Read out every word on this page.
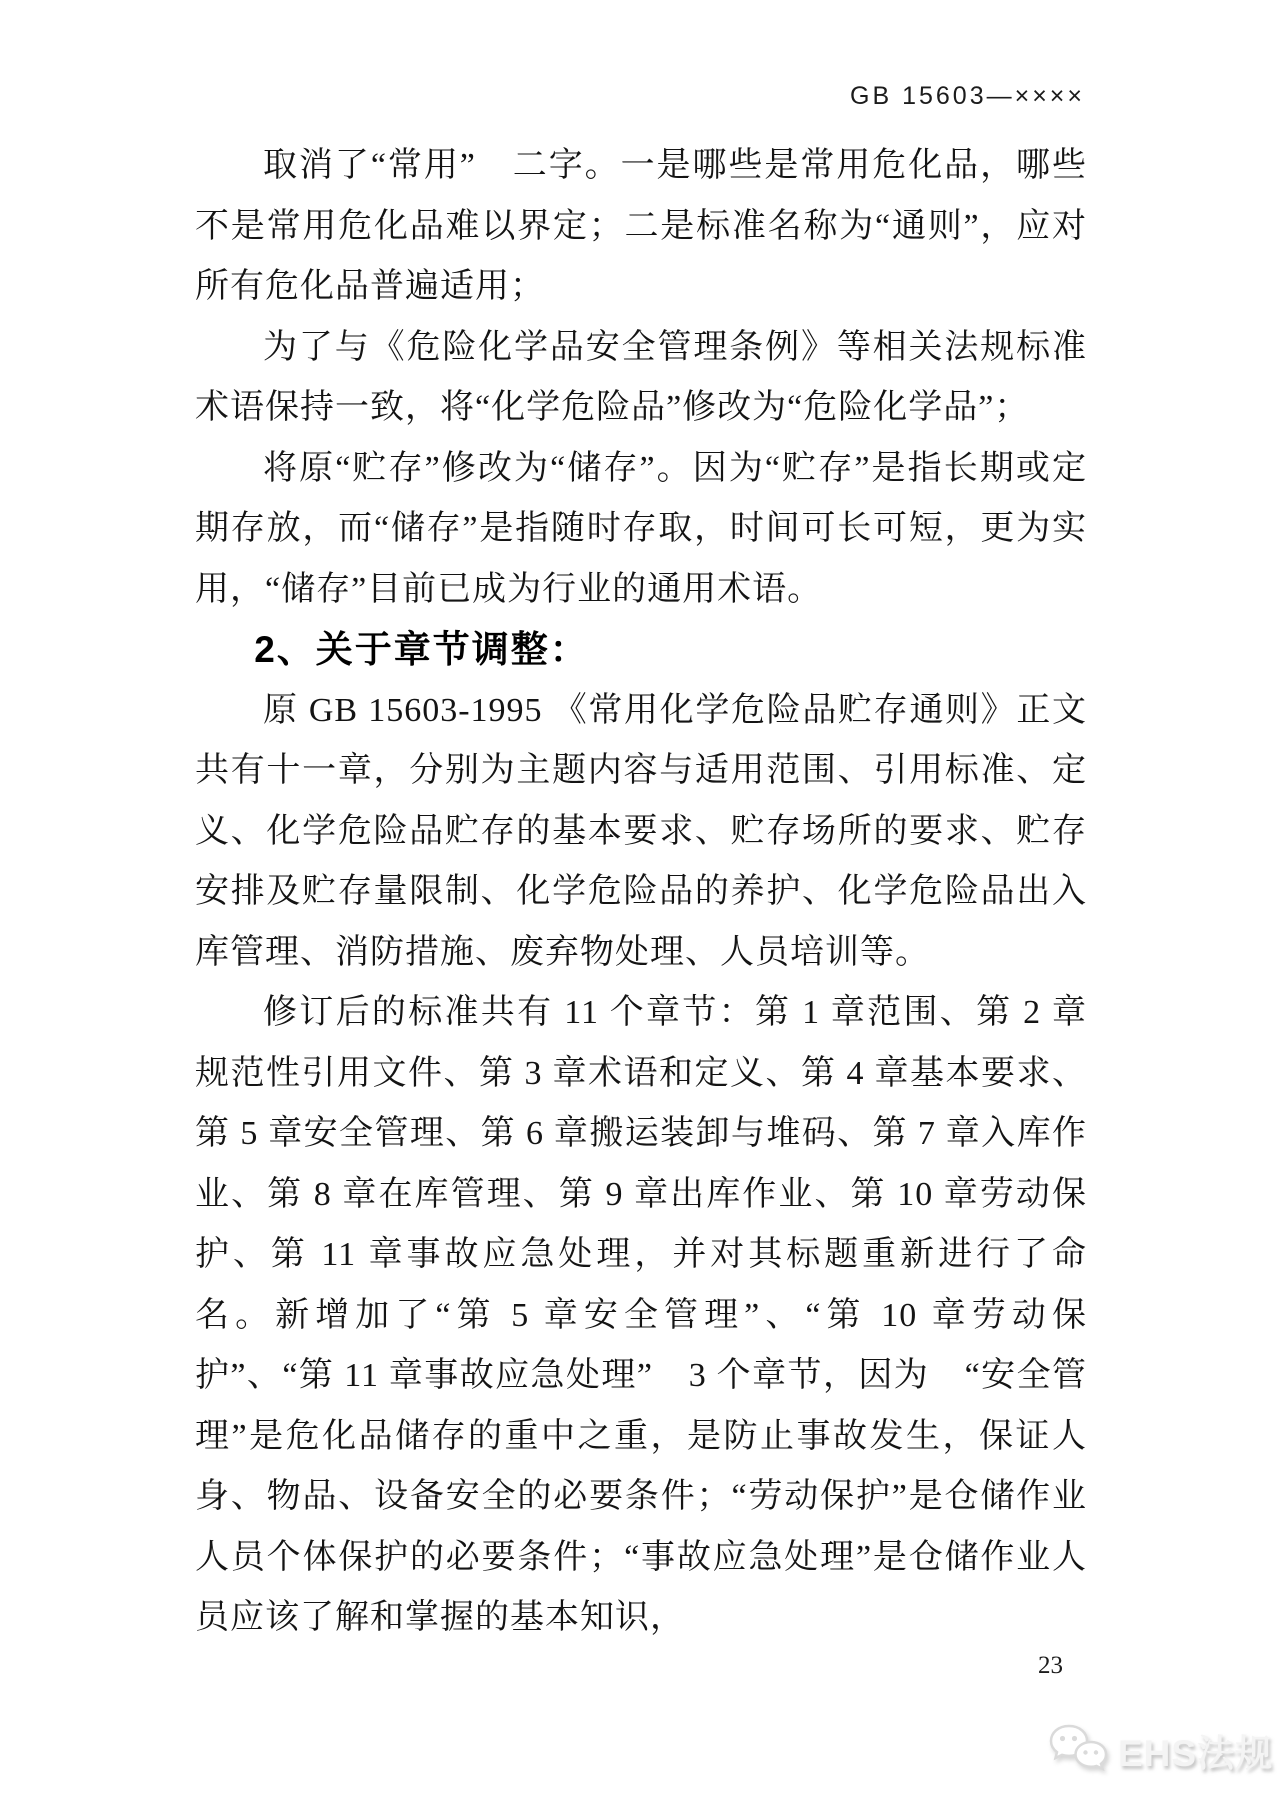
GB 15603—××××

取消了“常用”　二字。一是哪些是常用危化品，哪些不是常用危化品难以界定；二是标准名称为“通则”，应对所有危化品普遍适用；

为了与《危险化学品安全管理条例》等相关法规标准术语保持一致，将“化学危险品”修改为“危险化学品”；

将原“贮存”修改为“储存”。因为“贮存”是指长期或定期存放，而“储存”是指随时存取，时间可长可短，更为实用，“储存”目前已成为行业的通用术语。

2、关于章节调整：

原 GB 15603-1995 《常用化学危险品贮存通则》正文共有十一章，分别为主题内容与适用范围、引用标准、定义、化学危险品贮存的基本要求、贮存场所的要求、贮存安排及贮存量限制、化学危险品的养护、化学危险品出入库管理、消防措施、废弃物处理、人员培训等。

修订后的标准共有 11 个章节：第 1 章范围、第 2 章规范性引用文件、第 3 章术语和定义、第 4 章基本要求、第 5 章安全管理、第 6 章搬运装卸与堆码、第 7 章入库作业、第 8 章在库管理、第 9 章出库作业、第 10 章劳动保护、第 11 章事故应急处理，并对其标题重新进行了命名。新增加了“第 5 章安全管理”、“第 10 章劳动保护”、“第 11 章事故应急处理”　3 个章节，因为　“安全管理”是危化品储存的重中之重，是防止事故发生，保证人身、物品、设备安全的必要条件；“劳动保护”是仓储作业人员个体保护的必要条件；“事故应急处理”是仓储作业人员应该了解和掌握的基本知识，

23
EHS法规
